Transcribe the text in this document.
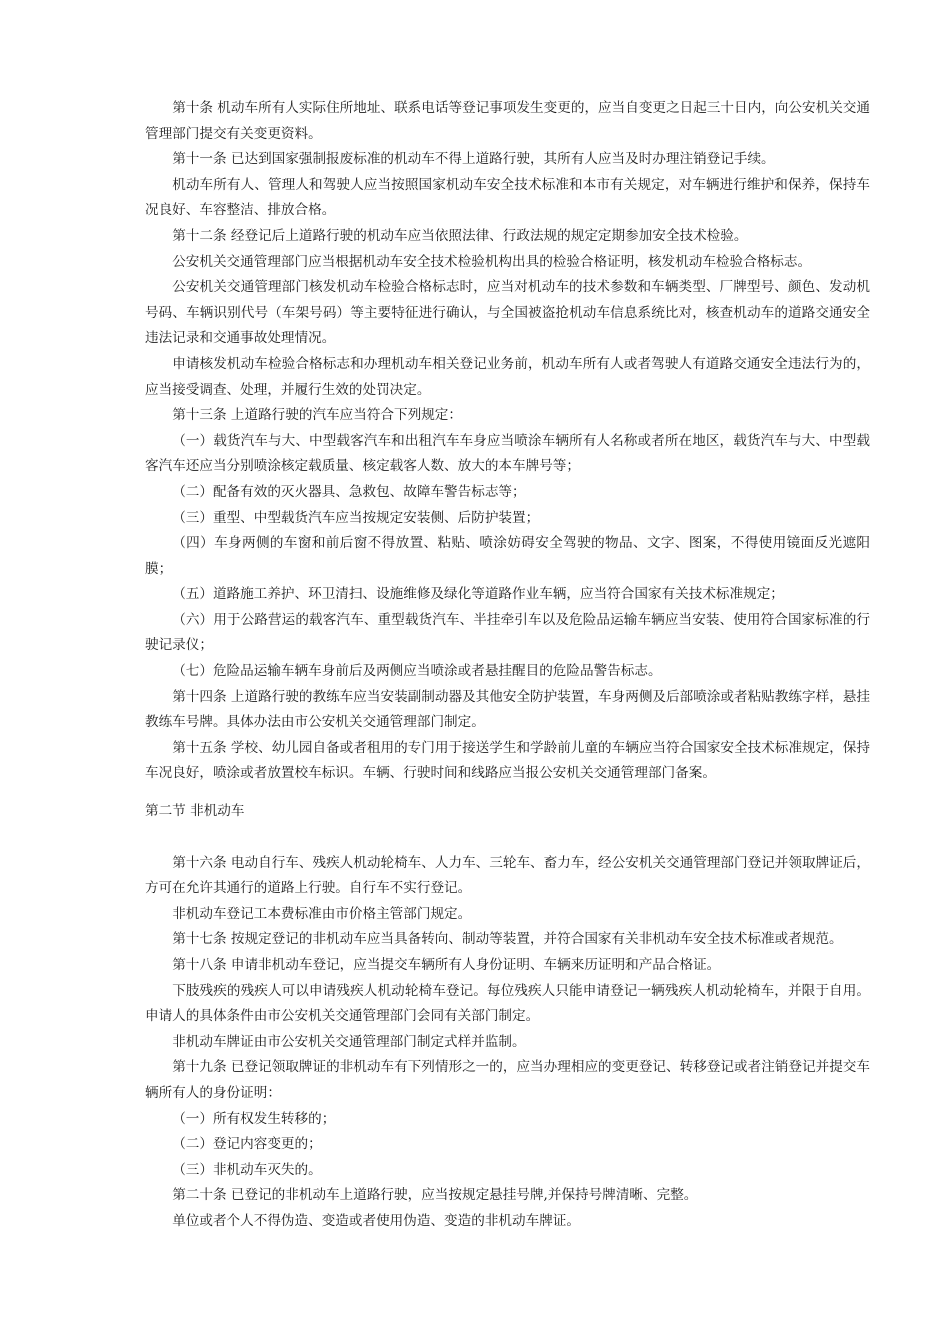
第十条 机动车所有人实际住所地址、联系电话等登记事项发生变更的，应当自变更之日起三十日内，向公安机关交通管理部门提交有关变更资料。

第十一条 已达到国家强制报废标准的机动车不得上道路行驶，其所有人应当及时办理注销登记手续。

机动车所有人、管理人和驾驶人应当按照国家机动车安全技术标准和本市有关规定，对车辆进行维护和保养，保持车况良好、车容整洁、排放合格。

第十二条 经登记后上道路行驶的机动车应当依照法律、行政法规的规定定期参加安全技术检验。

公安机关交通管理部门应当根据机动车安全技术检验机构出具的检验合格证明，核发机动车检验合格标志。

公安机关交通管理部门核发机动车检验合格标志时，应当对机动车的技术参数和车辆类型、厂牌型号、颜色、发动机号码、车辆识别代号（车架号码）等主要特征进行确认，与全国被盗抢机动车信息系统比对，核查机动车的道路交通安全违法记录和交通事故处理情况。

申请核发机动车检验合格标志和办理机动车相关登记业务前，机动车所有人或者驾驶人有道路交通安全违法行为的，应当接受调查、处理，并履行生效的处罚决定。

第十三条 上道路行驶的汽车应当符合下列规定：

（一）载货汽车与大、中型载客汽车和出租汽车车身应当喷涂车辆所有人名称或者所在地区，载货汽车与大、中型载客汽车还应当分别喷涂核定载质量、核定载客人数、放大的本车牌号等；

（二）配备有效的灭火器具、急救包、故障车警告标志等；

（三）重型、中型载货汽车应当按规定安装侧、后防护装置；

（四）车身两侧的车窗和前后窗不得放置、粘贴、喷涂妨碍安全驾驶的物品、文字、图案，不得使用镜面反光遮阳膜；

（五）道路施工养护、环卫清扫、设施维修及绿化等道路作业车辆，应当符合国家有关技术标准规定；

（六）用于公路营运的载客汽车、重型载货汽车、半挂牵引车以及危险品运输车辆应当安装、使用符合国家标准的行驶记录仪；

（七）危险品运输车辆车身前后及两侧应当喷涂或者悬挂醒目的危险品警告标志。

第十四条 上道路行驶的教练车应当安装副制动器及其他安全防护装置，车身两侧及后部喷涂或者粘贴教练字样，悬挂教练车号牌。具体办法由市公安机关交通管理部门制定。

第十五条 学校、幼儿园自备或者租用的专门用于接送学生和学龄前儿童的车辆应当符合国家安全技术标准规定，保持车况良好，喷涂或者放置校车标识。车辆、行驶时间和线路应当报公安机关交通管理部门备案。

第二节 非机动车

第十六条 电动自行车、残疾人机动轮椅车、人力车、三轮车、畜力车，经公安机关交通管理部门登记并领取牌证后，方可在允许其通行的道路上行驶。自行车不实行登记。

非机动车登记工本费标准由市价格主管部门规定。

第十七条 按规定登记的非机动车应当具备转向、制动等装置，并符合国家有关非机动车安全技术标准或者规范。

第十八条 申请非机动车登记，应当提交车辆所有人身份证明、车辆来历证明和产品合格证。

下肢残疾的残疾人可以申请残疾人机动轮椅车登记。每位残疾人只能申请登记一辆残疾人机动轮椅车，并限于自用。申请人的具体条件由市公安机关交通管理部门会同有关部门制定。

非机动车牌证由市公安机关交通管理部门制定式样并监制。

第十九条 已登记领取牌证的非机动车有下列情形之一的，应当办理相应的变更登记、转移登记或者注销登记并提交车辆所有人的身份证明：

（一）所有权发生转移的；

（二）登记内容变更的；

（三）非机动车灭失的。

第二十条 已登记的非机动车上道路行驶，应当按规定悬挂号牌,并保持号牌清晰、完整。

单位或者个人不得伪造、变造或者使用伪造、变造的非机动车牌证。
